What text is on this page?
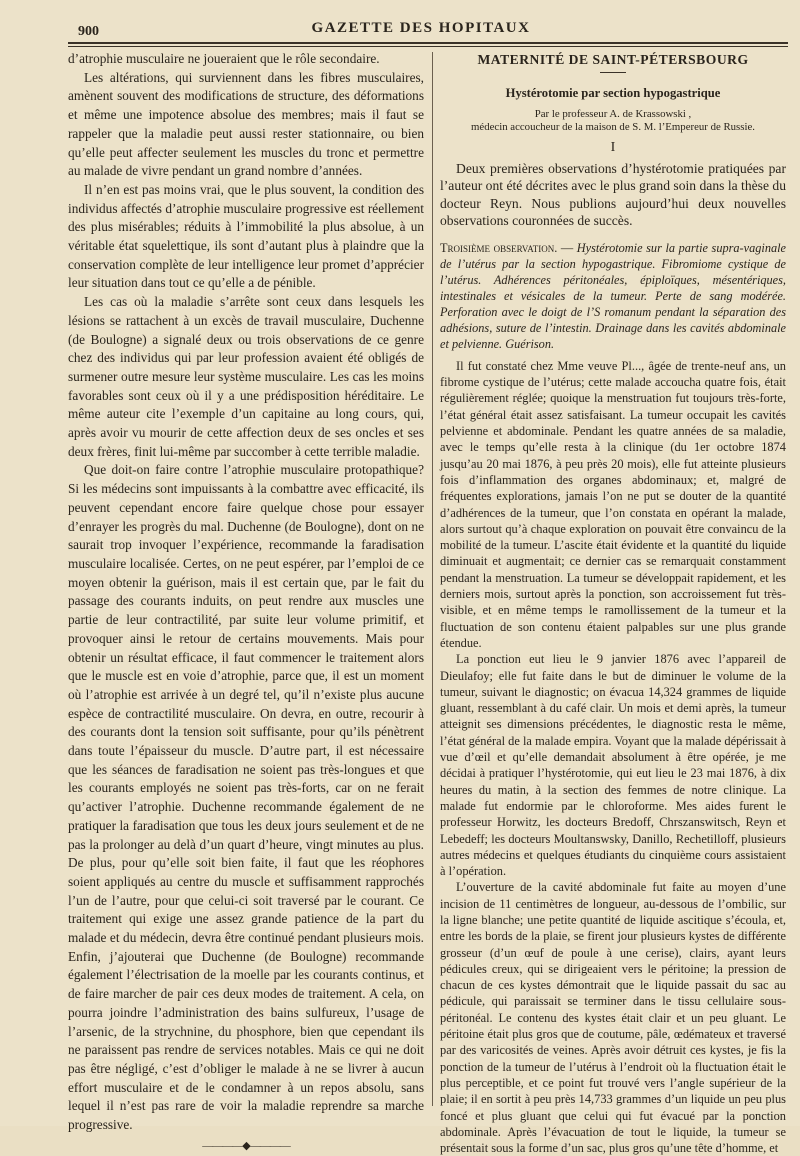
900	GAZETTE DES HOPITAUX

d’atrophie musculaire ne joueraient que le rôle secondaire.

Les altérations, qui surviennent dans les fibres musculaires, amènent souvent des modifications de structure, des déformations et même une impotence absolue des membres; mais il faut se rappeler que la maladie peut aussi rester stationnaire, ou bien qu’elle peut affecter seulement les muscles du tronc et permettre au malade de vivre pendant un grand nombre d’années.

Il n’en est pas moins vrai, que le plus souvent, la condition des individus affectés d’atrophie musculaire progressive est réellement des plus misérables; réduits à l’immobilité la plus absolue, à un véritable état squelettique, ils sont d’autant plus à plaindre que la conservation complète de leur intelligence leur promet d’apprécier leur situation dans tout ce qu’elle a de pénible.

Les cas où la maladie s’arrête sont ceux dans lesquels les lésions se rattachent à un excès de travail musculaire, Duchenne (de Boulogne) a signalé deux ou trois observations de ce genre chez des individus qui par leur profession avaient été obligés de surmener outre mesure leur système musculaire. Les cas les moins favorables sont ceux où il y a une prédisposition héréditaire. Le même auteur cite l’exemple d’un capitaine au long cours, qui, après avoir vu mourir de cette affection deux de ses oncles et ses deux frères, finit lui-même par succomber à cette terrible maladie.

Que doit-on faire contre l’atrophie musculaire protopathique? Si les médecins sont impuissants à la combattre avec efficacité, ils peuvent cependant encore faire quelque chose pour essayer d’enrayer les progrès du mal. Duchenne (de Boulogne), dont on ne saurait trop invoquer l’expérience, recommande la faradisation musculaire localisée. Certes, on ne peut espérer, par l’emploi de ce moyen obtenir la guérison, mais il est certain que, par le fait du passage des courants induits, on peut rendre aux muscles une partie de leur contractilité, par suite leur volume primitif, et provoquer ainsi le retour de certains mouvements. Mais pour obtenir un résultat efficace, il faut commencer le traitement alors que le muscle est en voie d’atrophie, parce que, il est un moment où l’atrophie est arrivée à un degré tel, qu’il n’existe plus aucune espèce de contractilité musculaire. On devra, en outre, recourir à des courants dont la tension soit suffisante, pour qu’ils pénètrent dans toute l’épaisseur du muscle. D’autre part, il est nécessaire que les séances de faradisation ne soient pas très-longues et que les courants employés ne soient pas très-forts, car on ne ferait qu’activer l’atrophie. Duchenne recommande également de ne pratiquer la faradisation que tous les deux jours seulement et de ne pas la prolonger au delà d’un quart d’heure, vingt minutes au plus. De plus, pour qu’elle soit bien faite, il faut que les réophores soient appliqués au centre du muscle et suffisamment rapprochés l’un de l’autre, pour que celui-ci soit traversé par le courant. Ce traitement qui exige une assez grande patience de la part du malade et du médecin, devra être continué pendant plusieurs mois. Enfin, j’ajouterai que Duchenne (de Boulogne) recommande également l’électrisation de la moelle par les courants continus, et de faire marcher de pair ces deux modes de traitement. A cela, on pourra joindre l’administration des bains sulfureux, l’usage de l’arsenic, de la strychnine, du phosphore, bien que cependant ils ne paraissent pas rendre de services notables. Mais ce qui ne doit pas être négligé, c’est d’obliger le malade à ne se livrer à aucun effort musculaire et de le condamner à un repos absolu, sans lequel il n’est pas rare de voir la maladie reprendre sa marche progressive.

————◆————
MATERNITÉ DE SAINT-PÉTERSBOURG
Hystérotomie par section hypogastrique
Par le professeur A. de Krassowski ,
médecin accoucheur de la maison de S. M. l’Empereur de Russie.
I

Deux premières observations d’hystérotomie pratiquées par l’auteur ont été décrites avec le plus grand soin dans la thèse du docteur Reyn. Nous publions aujourd’hui deux nouvelles observations couronnées de succès.

Troisième observation. — Hystérotomie sur la partie supra-vaginale de l’utérus par la section hypogastrique. Fibromiome cystique de l’utérus. Adhérences péritonéales, épiploïques, mésentériques, intestinales et vésicales de la tumeur. Perte de sang modérée. Perforation avec le doigt de l’S romanum pendant la séparation des adhésions, suture de l’intestin. Drainage dans les cavités abdominale et pelvienne. Guérison.

Il fut constaté chez Mme veuve Pl..., âgée de trente-neuf ans, un fibrome cystique de l’utérus; cette malade accoucha quatre fois, était régulièrement réglée; quoique la menstruation fut toujours très-forte, l’état général était assez satisfaisant. La tumeur occupait les cavités pelvienne et abdominale. Pendant les quatre années de sa maladie, avec le temps qu’elle resta à la clinique (du 1er octobre 1874 jusqu’au 20 mai 1876, à peu près 20 mois), elle fut atteinte plusieurs fois d’inflammation des organes abdominaux; et, malgré de fréquentes explorations, jamais l’on ne put se douter de la quantité d’adhérences de la tumeur, que l’on constata en opérant la malade, alors surtout qu’à chaque exploration on pouvait être convaincu de la mobilité de la tumeur. L’ascite était évidente et la quantité du liquide diminuait et augmentait; ce dernier cas se remarquait constamment pendant la menstruation. La tumeur se développait rapidement, et les derniers mois, surtout après la ponction, son accroissement fut très-visible, et en même temps le ramollissement de la tumeur et la fluctuation de son contenu étaient palpables sur une plus grande étendue.

La ponction eut lieu le 9 janvier 1876 avec l’appareil de Dieulafoy; elle fut faite dans le but de diminuer le volume de la tumeur, suivant le diagnostic; on évacua 14,324 grammes de liquide gluant, ressemblant à du café clair. Un mois et demi après, la tumeur atteignit ses dimensions précédentes, le diagnostic resta le même, l’état général de la malade empira. Voyant que la malade dépérissait à vue d’œil et qu’elle demandait absolument à être opérée, je me décidai à pratiquer l’hystérotomie, qui eut lieu le 23 mai 1876, à dix heures du matin, à la section des femmes de notre clinique. La malade fut endormie par le chloroforme. Mes aides furent le professeur Horwitz, les docteurs Bredoff, Chrszanswitsch, Reyn et Lebedeff; les docteurs Moultanswsky, Danillo, Rechetilloff, plusieurs autres médecins et quelques étudiants du cinquième cours assistaient à l’opération.

L’ouverture de la cavité abdominale fut faite au moyen d’une incision de 11 centimètres de longueur, au-dessous de l’ombilic, sur la ligne blanche; une petite quantité de liquide ascitique s’écoula, et, entre les bords de la plaie, se firent jour plusieurs kystes de différente grosseur (d’un œuf de poule à une cerise), clairs, ayant leurs pédicules creux, qui se dirigeaient vers le péritoine; la pression de chacun de ces kystes démontrait que le liquide passait du sac au pédicule, qui paraissait se terminer dans le tissu cellulaire sous-péritonéal. Le contenu des kystes était clair et un peu gluant. Le péritoine était plus gros que de coutume, pâle, œdémateux et traversé par des varicosités de veines. Après avoir détruit ces kystes, je fis la ponction de la tumeur de l’utérus à l’endroit où la fluctuation était le plus perceptible, et ce point fut trouvé vers l’angle supérieur de la plaie; il en sortit à peu près 14,733 grammes d’un liquide un peu plus foncé et plus gluant que celui qui fut évacué par la ponction abdominale. Après l’évacuation de tout le liquide, la tumeur se présentait sous la forme d’un sac, plus gros qu’une tête d’homme, et
